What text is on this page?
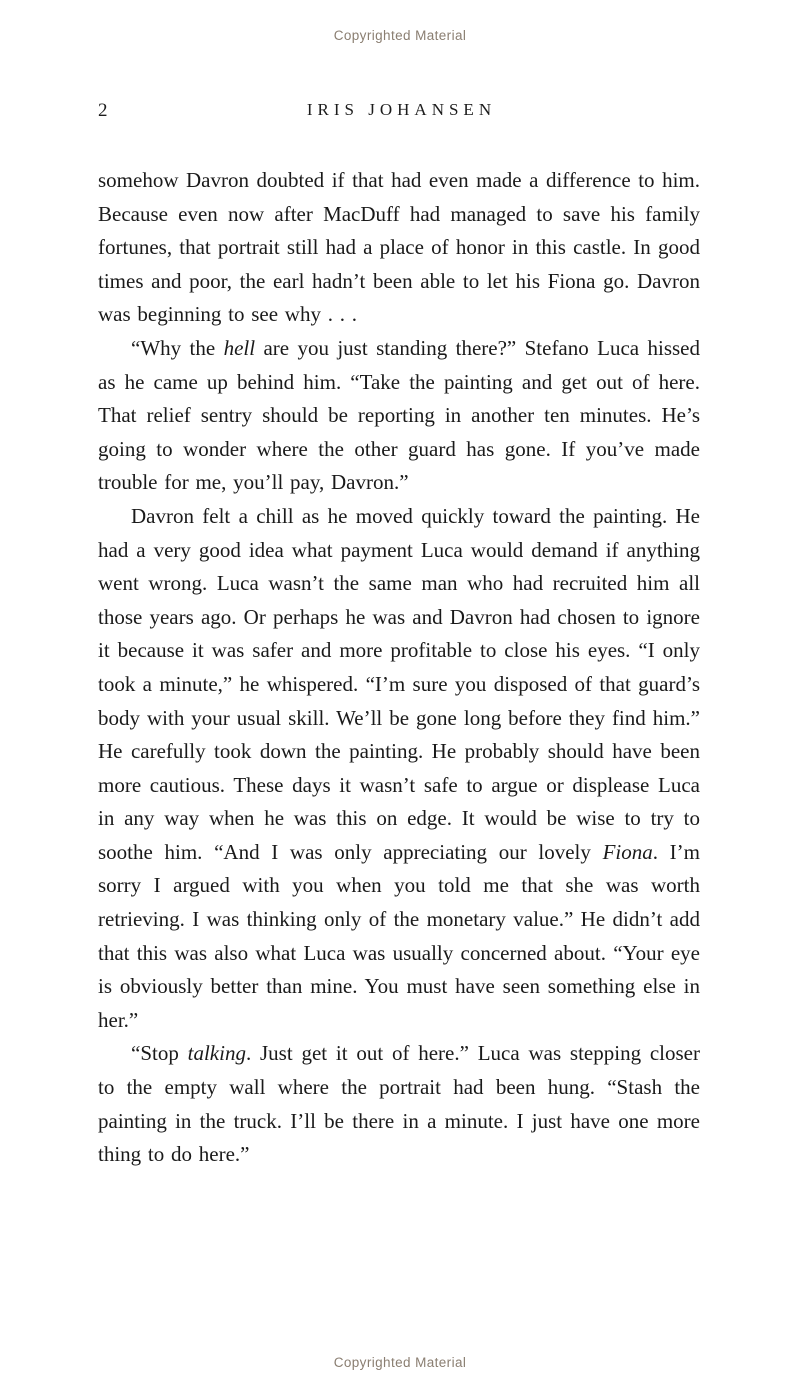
Copyrighted Material
2	IRIS JOHANSEN

somehow Davron doubted if that had even made a difference to him. Because even now after MacDuff had managed to save his family fortunes, that portrait still had a place of honor in this castle. In good times and poor, the earl hadn’t been able to let his Fiona go. Davron was beginning to see why . . .

“Why the hell are you just standing there?” Stefano Luca hissed as he came up behind him. “Take the painting and get out of here. That relief sentry should be reporting in another ten minutes. He’s going to wonder where the other guard has gone. If you’ve made trouble for me, you’ll pay, Davron.”

Davron felt a chill as he moved quickly toward the painting. He had a very good idea what payment Luca would demand if anything went wrong. Luca wasn’t the same man who had recruited him all those years ago. Or perhaps he was and Davron had chosen to ignore it because it was safer and more profitable to close his eyes. “I only took a minute,” he whispered. “I’m sure you disposed of that guard’s body with your usual skill. We’ll be gone long before they find him.” He carefully took down the painting. He probably should have been more cautious. These days it wasn’t safe to argue or displease Luca in any way when he was this on edge. It would be wise to try to soothe him. “And I was only appreciating our lovely Fiona. I’m sorry I argued with you when you told me that she was worth retrieving. I was thinking only of the monetary value.” He didn’t add that this was also what Luca was usually concerned about. “Your eye is obviously better than mine. You must have seen something else in her.”

“Stop talking. Just get it out of here.” Luca was stepping closer to the empty wall where the portrait had been hung. “Stash the painting in the truck. I’ll be there in a minute. I just have one more thing to do here.”

Copyrighted Material
